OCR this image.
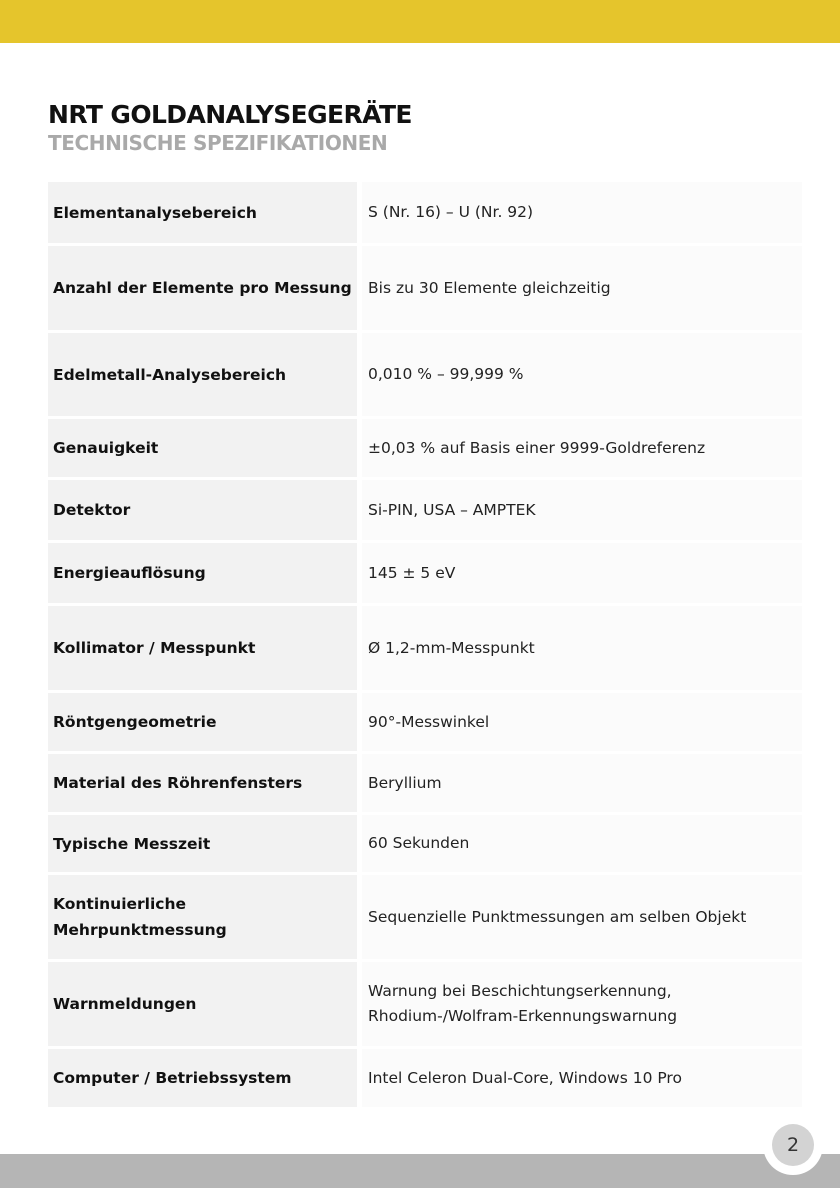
NRT GOLDANALYSEGERÄTE
TECHNISCHE SPEZIFIKATIONEN
Elementanalysebereich		S (Nr. 16) – U (Nr. 92)
Anzahl der Elemente pro Messung		Bis zu 30 Elemente gleichzeitig
Edelmetall-Analysebereich		0,010 % – 99,999 %
Genauigkeit		±0,03 % auf Basis einer 9999-Goldreferenz
Detektor		Si-PIN, USA – AMPTEK
Energieauflösung		145 ± 5 eV
Kollimator / Messpunkt		Ø 1,2-mm-Messpunkt
Röntgengeometrie		90°-Messwinkel
Material des Röhrenfensters		Beryllium
Typische Messzeit		60 Sekunden
Kontinuierliche Mehrpunktmessung		Sequenzielle Punktmessungen am selben Objekt
Warnmeldungen		Warnung bei Beschichtungserkennung, Rhodium-/Wolfram-Erkennungswarnung
Computer / Betriebssystem		Intel Celeron Dual-Core, Windows 10 Pro
2
